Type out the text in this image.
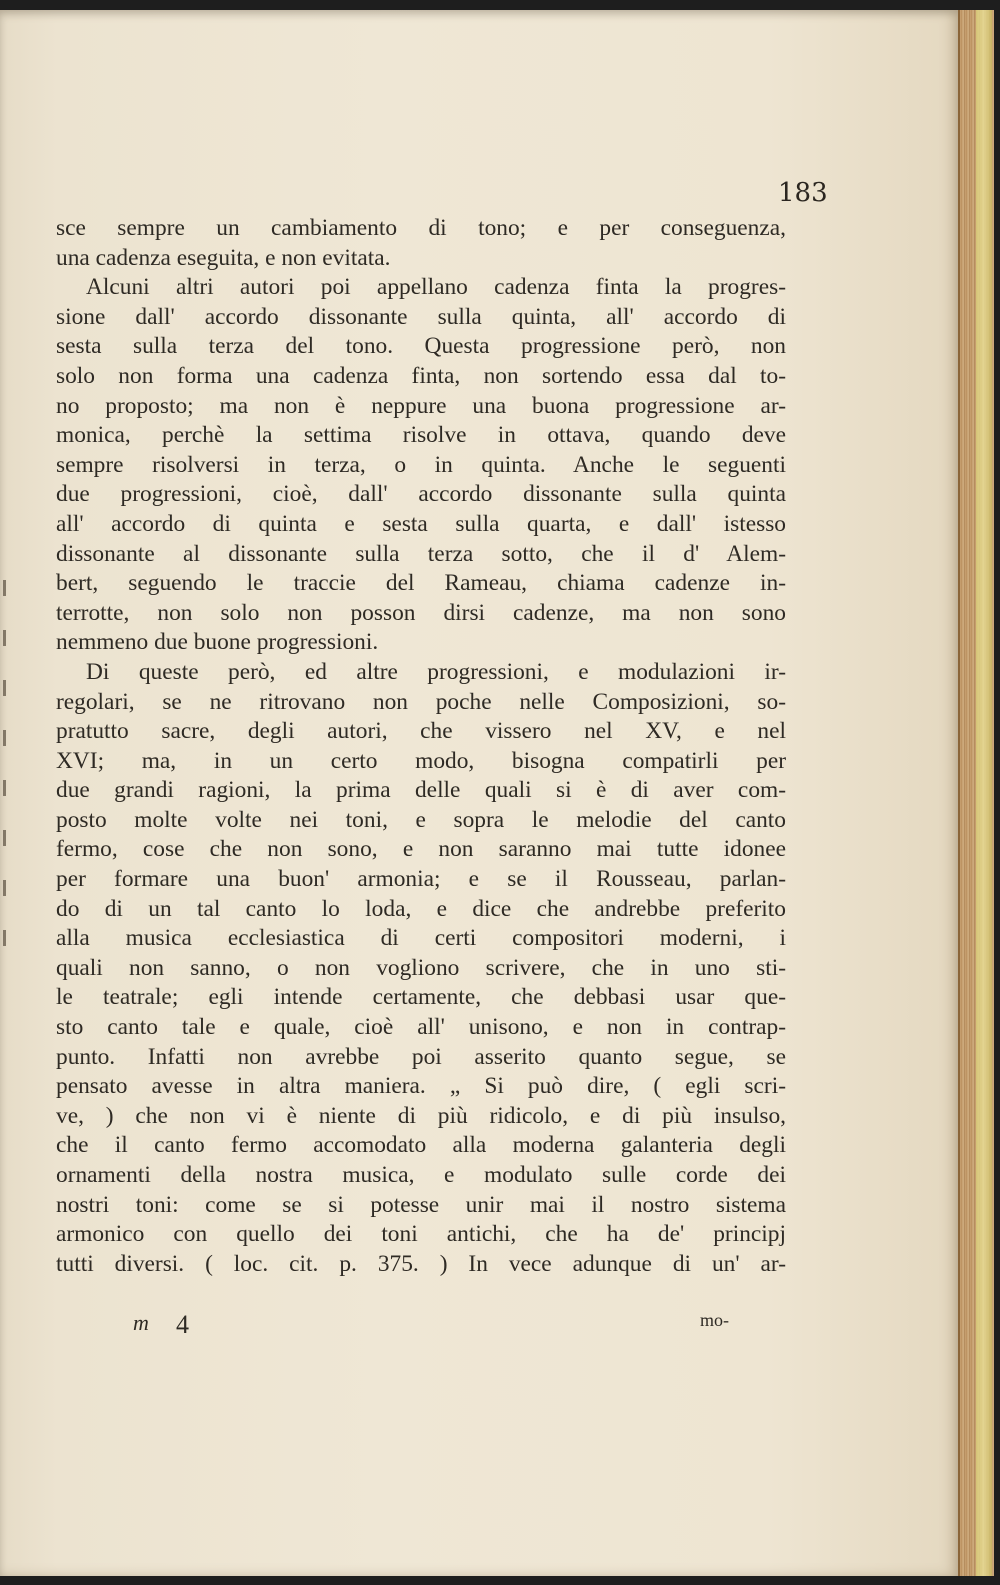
183
sce sempre un cambiamento di tono; e per conseguenza,
una cadenza eseguita, e non evitata.
Alcuni altri autori poi appellano cadenza finta la progres-
sione dall' accordo dissonante sulla quinta, all' accordo di
sesta sulla terza del tono. Questa progressione però, non
solo non forma una cadenza finta, non sortendo essa dal to-
no proposto; ma non è neppure una buona progressione ar-
monica, perchè la settima risolve in ottava, quando deve
sempre risolversi in terza, o in quinta. Anche le seguenti
due progressioni, cioè, dall' accordo dissonante sulla quinta
all' accordo di quinta e sesta sulla quarta, e dall' istesso
dissonante al dissonante sulla terza sotto, che il d' Alem-
bert, seguendo le traccie del Rameau, chiama cadenze in-
terrotte, non solo non posson dirsi cadenze, ma non sono
nemmeno due buone progressioni.
Di queste però, ed altre progressioni, e modulazioni ir-
regolari, se ne ritrovano non poche nelle Composizioni, so-
pratutto sacre, degli autori, che vissero nel XV, e nel
XVI; ma, in un certo modo, bisogna compatirli per
due grandi ragioni, la prima delle quali si è di aver com-
posto molte volte nei toni, e sopra le melodie del canto
fermo, cose che non sono, e non saranno mai tutte idonee
per formare una buon' armonia; e se il Rousseau, parlan-
do di un tal canto lo loda, e dice che andrebbe preferito
alla musica ecclesiastica di certi compositori moderni, i
quali non sanno, o non vogliono scrivere, che in uno sti-
le teatrale; egli intende certamente, che debbasi usar que-
sto canto tale e quale, cioè all' unisono, e non in contrap-
punto. Infatti non avrebbe poi asserito quanto segue, se
pensato avesse in altra maniera. „ Si può dire, ( egli scri-
ve, ) che non vi è niente di più ridicolo, e di più insulso,
che il canto fermo accomodato alla moderna galanteria degli
ornamenti della nostra musica, e modulato sulle corde dei
nostri toni: come se si potesse unir mai il nostro sistema
armonico con quello dei toni antichi, che ha de' principj
tutti diversi. ( loc. cit. p. 375. ) In vece adunque di un' ar-
m 4	mo-
